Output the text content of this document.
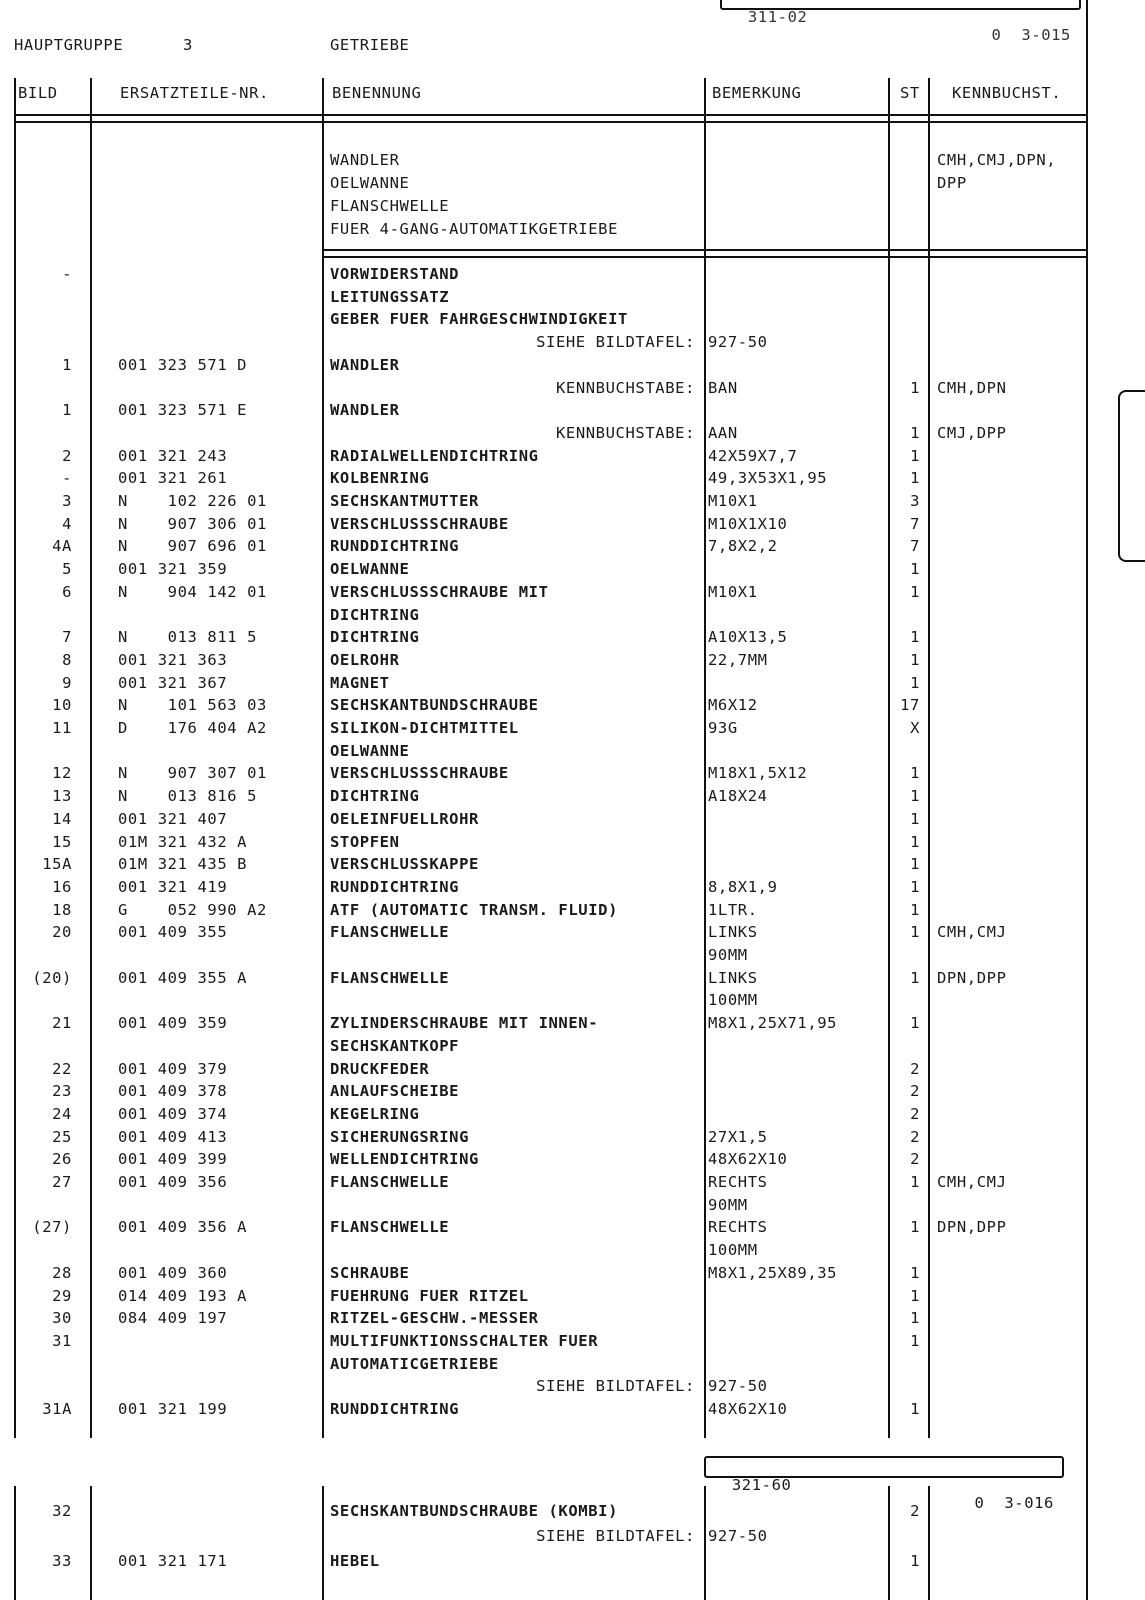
311-02

0  3-015

HAUPTGRUPPE	3	GETRIEBE
BILD	ERSATZTEILE-NR.	BENENNUNG	BEMERKUNG	ST KENNBUCHST.
WANDLER
OELWANNE
FLANSCHWELLE
FUER 4-GANG-AUTOMATIKGETRIEBE
CMH,CMJ,DPN,
DPP
-	VORWIDERSTAND
LEITUNGSSATZ
GEBER FUER FAHRGESCHWINDIGKEIT
SIEHE BILDTAFEL: 927-50
1	001 323 571 D	WANDLER
KENNBUCHSTABE: BAN	1 CMH,DPN
1	001 323 571 E	WANDLER
KENNBUCHSTABE: AAN	1 CMJ,DPP
2	001 321 243	RADIALWELLENDICHTRING	42X59X7,7	1
-	001 321 261	KOLBENRING	49,3X53X1,95	1
3	N    102 226 01	SECHSKANTMUTTER	M10X1	3
4	N    907 306 01	VERSCHLUSSSCHRAUBE	M10X1X10	7
4A	N    907 696 01	RUNDDICHTRING	7,8X2,2	7
5	001 321 359	OELWANNE	1
6	N    904 142 01	VERSCHLUSSSCHRAUBE MIT	M10X1	1
DICHTRING
7	N    013 811 5	DICHTRING	A10X13,5	1
8	001 321 363	OELROHR	22,7MM	1
9	001 321 367	MAGNET	1
10	N    101 563 03	SECHSKANTBUNDSCHRAUBE	M6X12	17
11	D    176 404 A2	SILIKON-DICHTMITTEL	93G	X
OELWANNE
12	N    907 307 01	VERSCHLUSSSCHRAUBE	M18X1,5X12	1
13	N    013 816 5	DICHTRING	A18X24	1
14	001 321 407	OELEINFUELLROHR	1
15	01M 321 432 A	STOPFEN	1
15A	01M 321 435 B	VERSCHLUSSKAPPE	1
16	001 321 419	RUNDDICHTRING	8,8X1,9	1
18	G    052 990 A2	ATF (AUTOMATIC TRANSM. FLUID)	1LTR.	1
20	001 409 355	FLANSCHWELLE	LINKS	1 CMH,CMJ
90MM
(20)	001 409 355 A	FLANSCHWELLE	LINKS	1 DPN,DPP
100MM
21	001 409 359	ZYLINDERSCHRAUBE MIT INNEN-	M8X1,25X71,95	1
SECHSKANTKOPF
22	001 409 379	DRUCKFEDER	2
23	001 409 378	ANLAUFSCHEIBE	2
24	001 409 374	KEGELRING	2
25	001 409 413	SICHERUNGSRING	27X1,5	2
26	001 409 399	WELLENDICHTRING	48X62X10	2
27	001 409 356	FLANSCHWELLE	RECHTS	1 CMH,CMJ
90MM
(27)	001 409 356 A	FLANSCHWELLE	RECHTS	1 DPN,DPP
100MM
28	001 409 360	SCHRAUBE	M8X1,25X89,35	1
29	014 409 193 A	FUEHRUNG FUER RITZEL	1
30	084 409 197	RITZEL-GESCHW.-MESSER	1
31	MULTIFUNKTIONSSCHALTER FUER	1
AUTOMATICGETRIEBE
SIEHE BILDTAFEL: 927-50
31A	001 321 199	RUNDDICHTRING	48X62X10	1

321-60

0  3-016

32	SECHSKANTBUNDSCHRAUBE (KOMBI)	2
SIEHE BILDTAFEL: 927-50
33	001 321 171	HEBEL	1
